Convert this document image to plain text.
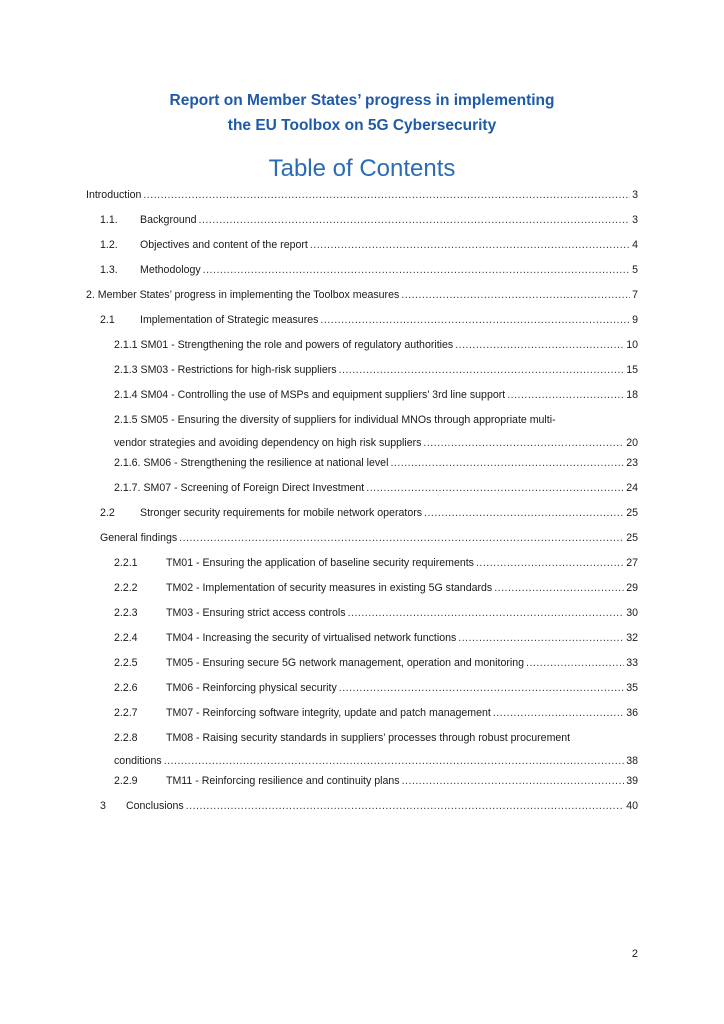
Report on Member States’ progress in implementing
the EU Toolbox on 5G Cybersecurity
Table of Contents
Introduction .....	3
1.1.	Background .....	3
1.2.	Objectives and content of the report .....	4
1.3.	Methodology .....	5
2. Member States’ progress in implementing the Toolbox measures .....	7
2.1	Implementation of Strategic measures .....	9
2.1.1 SM01 - Strengthening the role and powers of regulatory authorities .....	10
2.1.3 SM03 - Restrictions for high-risk suppliers .....	15
2.1.4 SM04 - Controlling the use of MSPs and equipment suppliers’ 3rd line support .....	18
2.1.5 SM05 - Ensuring the diversity of suppliers for individual MNOs through appropriate multi-
vendor strategies and avoiding dependency on high risk suppliers .....	20
2.1.6. SM06 - Strengthening the resilience at national level .....	23
2.1.7. SM07 - Screening of Foreign Direct Investment .....	24
2.2	Stronger security requirements for mobile network operators .....	25
General findings .....	25
2.2.1	TM01 - Ensuring the application of baseline security requirements .....	27
2.2.2	TM02 - Implementation of security measures in existing 5G standards .....	29
2.2.3	TM03 - Ensuring strict access controls .....	30
2.2.4	TM04 - Increasing the security of virtualised network functions .....	32
2.2.5	TM05 - Ensuring secure 5G network management, operation and monitoring .....	33
2.2.6	TM06 - Reinforcing physical security .....	35
2.2.7	TM07 - Reinforcing software integrity, update and patch management .....	36
2.2.8	TM08 - Raising security standards in suppliers’ processes through robust procurement
conditions .....	38
2.2.9	TM11 - Reinforcing resilience and continuity plans .....	39
3	Conclusions .....	40
2
